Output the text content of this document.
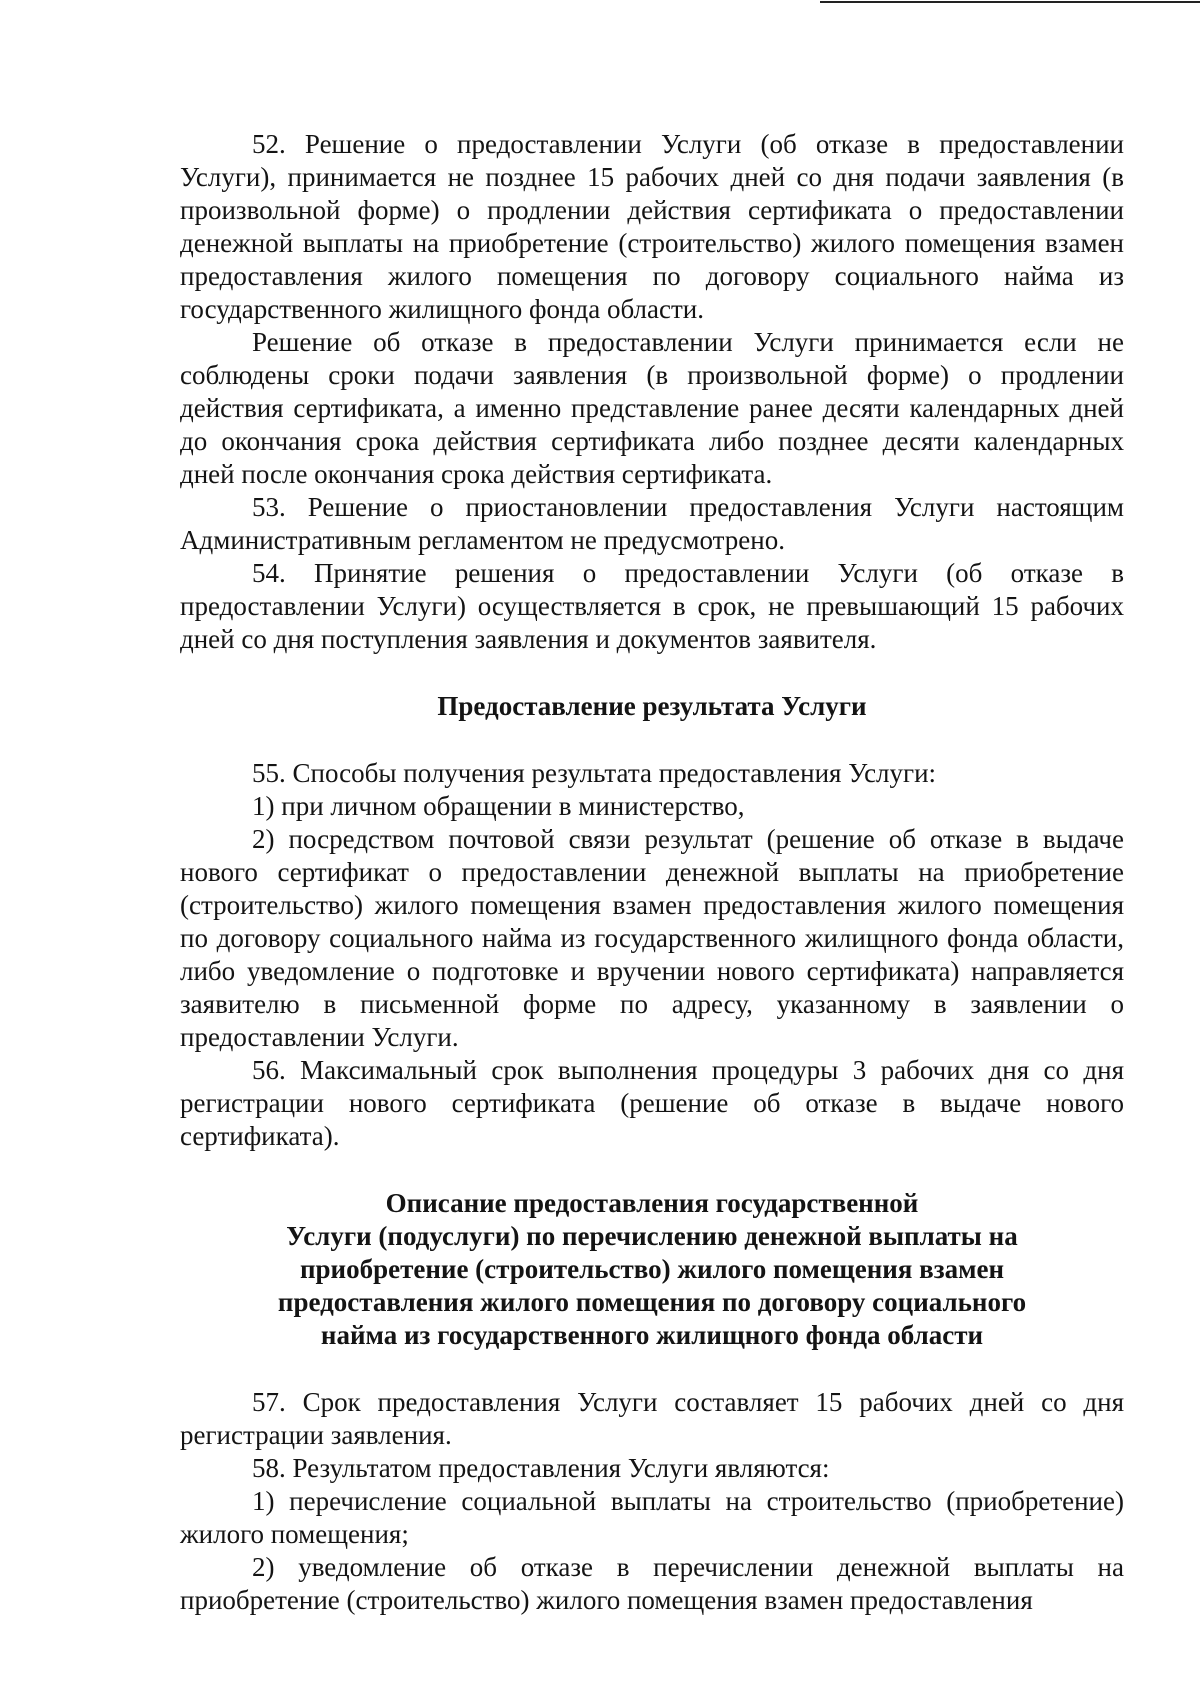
52. Решение о предоставлении Услуги (об отказе в предоставлении Услуги), принимается не позднее 15 рабочих дней со дня подачи заявления (в произвольной форме) о продлении действия сертификата о предоставлении денежной выплаты на приобретение (строительство) жилого помещения взамен предоставления жилого помещения по договору социального найма из государственного жилищного фонда области.

Решение об отказе в предоставлении Услуги принимается если не соблюдены сроки подачи заявления (в произвольной форме) о продлении действия сертификата, а именно представление ранее десяти календарных дней до окончания срока действия сертификата либо позднее десяти календарных дней после окончания срока действия сертификата.

53. Решение о приостановлении предоставления Услуги настоящим Административным регламентом не предусмотрено.

54. Принятие решения о предоставлении Услуги (об отказе в предоставлении Услуги) осуществляется в срок, не превышающий 15 рабочих дней со дня поступления заявления и документов заявителя.

Предоставление результата Услуги

55. Способы получения результата предоставления Услуги:

1) при личном обращении в министерство,

2) посредством почтовой связи результат (решение об отказе в выдаче нового сертификат о предоставлении денежной выплаты на приобретение (строительство) жилого помещения взамен предоставления жилого помещения по договору социального найма из государственного жилищного фонда области, либо уведомление о подготовке и вручении нового сертификата) направляется заявителю в письменной форме по адресу, указанному в заявлении о предоставлении Услуги.

56. Максимальный срок выполнения процедуры 3 рабочих дня со дня регистрации нового сертификата (решение об отказе в выдаче нового сертификата).

Описание предоставления государственной

Услуги (подуслуги) по перечислению денежной выплаты на

приобретение (строительство) жилого помещения взамен

предоставления жилого помещения по договору социального

найма из государственного жилищного фонда области

57. Срок предоставления Услуги составляет 15 рабочих дней со дня регистрации заявления.

58. Результатом предоставления Услуги являются:

1) перечисление социальной выплаты на строительство (приобретение) жилого помещения;

2) уведомление об отказе в перечислении денежной выплаты на приобретение (строительство) жилого помещения взамен предоставления
